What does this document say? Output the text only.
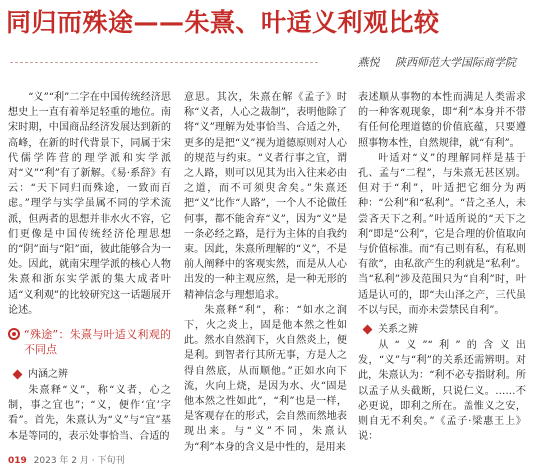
同归而殊途——朱熹、叶适义利观比较
燕悦 陕西师范大学国际商学院

“义”“利”二字在中国传统经济思想史上一直有着举足轻重的地位。南宋时期，中国商品经济发展达到新的高峰，在新的时代背景下，同属于宋代儒学阵营的理学派和实学派对“义”“利”有了新解。《易·系辞》有云：“天下同归而殊途，一致而百虑。”理学与实学虽属不同的学术流派，但两者的思想并非水火不容，它们更像是中国传统经济伦理思想的“阴”面与“阳”面，彼此能够合为一处。因此，就南宋理学派的核心人物朱熹和浙东实学派的集大成者叶适“义利观”的比较研究这一话题展开论述。

“殊途”：朱熹与叶适义利观的不同点
内涵之辨

朱熹释“义”，称“义者，心之制，事之宜也”；“义，便作‘宜’字看”。首先，朱熹认为“义”与“宜”基本是等同的，表示处事恰当、合适的

意思。其次，朱熹在解《孟子》时称“义者，人心之裁制”，表明他除了将“义”理解为处事恰当、合适之外，更多的是把“义”视为道德原则对人心的规范与约束。“义者行事之宜，谓之人路，则可以见其为出入往来必由之道，而不可须臾舍矣。”朱熹还把“义”比作“人路”，一个人不论做任何事，都不能舍弃“义”，因为“义”是一条必经之路，是行为主体的自我约束。因此，朱熹所理解的“义”，不是前人阐释中的客观实然，而是从人心出发的一种主观应然，是一种无形的精神信念与理想追求。

朱熹释“利”，称：“如水之润下，火之炎上，固是他本然之性如此。然水自然润下，火自然炎上，便是利。到智者行其所无事，方是人之得自然底，从而顺他。”正如水向下流，火向上烧，是因为水、火“固是他本然之性如此”，“利”也是一样，是客观存在的形式，会自然而然地表现出来。与“义”不同，朱熹认为“利”本身的含义是中性的，是用来

表述顺从事物的本性而满足人类需求的一种客观现象，即“利”本身并不带有任何伦理道德的价值底蕴，只要遵照事物本性，自然规律，就“有利”。

叶适对“义”的理解同样是基于孔、孟与“二程”，与朱熹无甚区别。但对于“利”，叶适把它细分为两种：“公利”和“私利”。“昔之圣人，未尝吝天下之利。”叶适所说的“天下之利”即是“公利”，它是合理的价值取向与价值标准。而“有己则有私，有私则有欲”，由私欲产生的利就是“私利”。当“私利”涉及范围只为“自利”时，叶适是认可的，即“夫山泽之产，三代虽不以与民，而亦未尝禁民自利”。

关系之辨

从“义”“利”的含义出发，“义”与“利”的关系还需辨明。对此，朱熹认为：“利不必专指財利。所以孟子从头截断，只说仁义。……不必更说，即利之所在。盖惟义之安，则自无不利矣。”《孟子·梁惠王上》说：

019 2023 年 2 月 · 下旬刊
